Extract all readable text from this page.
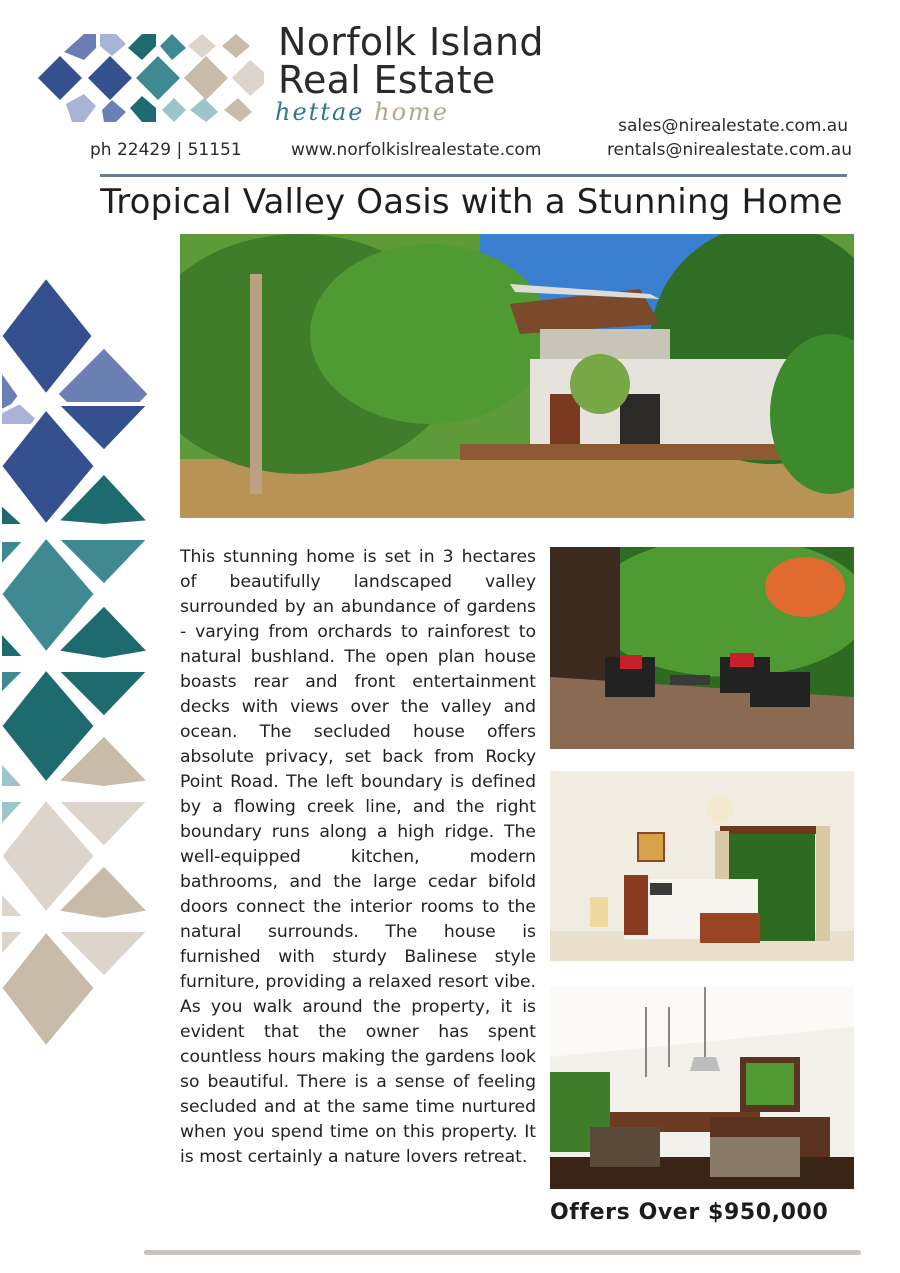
Norfolk Island
Real Estate
hettae home
ph 22429 | 51151	www.norfolkislrealestate.com
sales@nirealestate.com.au
rentals@nirealestate.com.au
Tropical Valley Oasis with a Stunning Home
This stunning home is set in 3 hectares of beautifully landscaped valley surrounded by an abundance of gardens - varying from orchards to rainforest to natural bushland. The open plan house boasts rear and front entertainment decks with views over the valley and ocean. The secluded house offers absolute privacy, set back from Rocky Point Road. The left boundary is defined by a flowing creek line, and the right boundary runs along a high ridge. The well-equipped kitchen, modern bathrooms, and the large cedar bifold doors connect the interior rooms to the natural surrounds. The house is furnished with sturdy Balinese style furniture, providing a relaxed resort vibe. As you walk around the property, it is evident that the owner has spent countless hours making the gardens look so beautiful. There is a sense of feeling secluded and at the same time nurtured when you spend time on this property. It is most certainly a nature lovers retreat.
Offers Over $950,000
